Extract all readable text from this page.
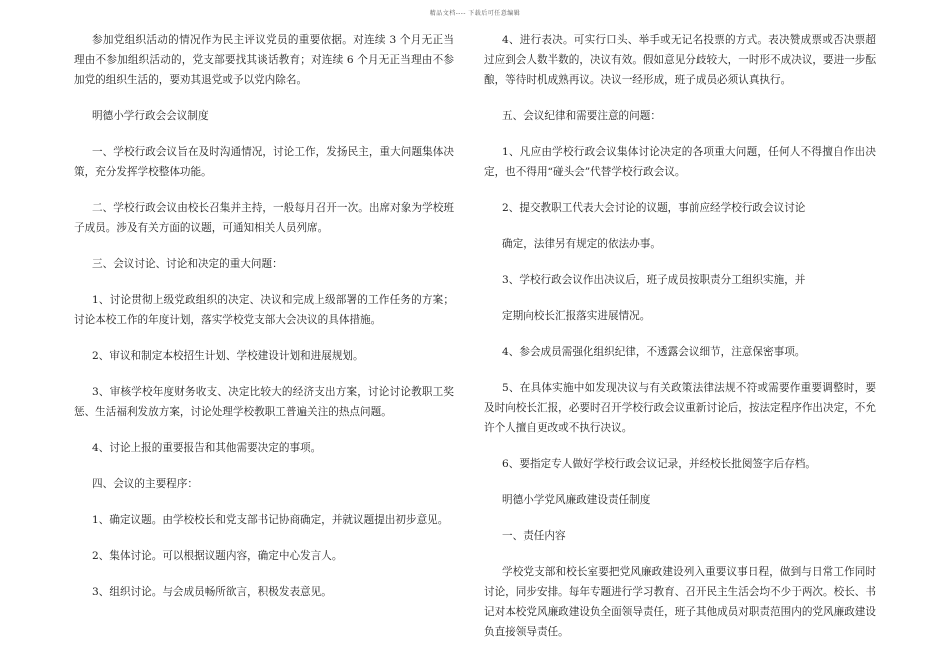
精品文档---- 下载后可任意编辑

参加党组织活动的情况作为民主评议党员的重要依据。对连续 3 个月无正当理由不参加组织活动的，党支部要找其谈话教育；对连续 6 个月无正当理由不参加党的组织生活的，要劝其退党或予以党内除名。

明德小学行政会会议制度

一、学校行政会议旨在及时沟通情况，讨论工作，发扬民主，重大问题集体决策，充分发挥学校整体功能。

二、学校行政会议由校长召集并主持，一般每月召开一次。出席对象为学校班子成员。涉及有关方面的议题，可通知相关人员列席。

三、会议讨论、讨论和决定的重大问题：

1、讨论贯彻上级党政组织的决定、决议和完成上级部署的工作任务的方案；讨论本校工作的年度计划，落实学校党支部大会决议的具体措施。

2、审议和制定本校招生计划、学校建设计划和进展规划。

3、审核学校年度财务收支、决定比较大的经济支出方案，讨论讨论教职工奖惩、生活福利发放方案，讨论处理学校教职工普遍关注的热点问题。

4、讨论上报的重要报告和其他需要决定的事项。

四、会议的主要程序：

1、确定议题。由学校校长和党支部书记协商确定，并就议题提出初步意见。

2、集体讨论。可以根据议题内容，确定中心发言人。

3、组织讨论。与会成员畅所欲言，积极发表意见。

4、进行表决。可实行口头、举手或无记名投票的方式。表决赞成票或否决票超过应到会人数半数的，决议有效。假如意见分歧较大，一时形不成决议，要进一步酝酿，等待时机成熟再议。决议一经形成，班子成员必须认真执行。

五、会议纪律和需要注意的问题：

1、凡应由学校行政会议集体讨论决定的各项重大问题，任何人不得擅自作出决定，也不得用“碰头会”代替学校行政会议。

2、提交教职工代表大会讨论的议题，事前应经学校行政会议讨论

确定，法律另有规定的依法办事。

3、学校行政会议作出决议后，班子成员按职责分工组织实施，并

定期向校长汇报落实进展情况。

4、参会成员需强化组织纪律，不透露会议细节，注意保密事项。

5、在具体实施中如发现决议与有关政策法律法规不符或需要作重要调整时，要及时向校长汇报，必要时召开学校行政会议重新讨论后，按法定程序作出决定，不允许个人擅自更改或不执行决议。

6、要指定专人做好学校行政会议记录，并经校长批阅签字后存档。

明德小学党风廉政建设责任制度

一、责任内容

学校党支部和校长室要把党风廉政建设列入重要议事日程，做到与日常工作同时讨论，同步安排。每年专题进行学习教育、召开民主生活会均不少于两次。校长、书记对本校党风廉政建设负全面领导责任，班子其他成员对职责范围内的党风廉政建设负直接领导责任。
